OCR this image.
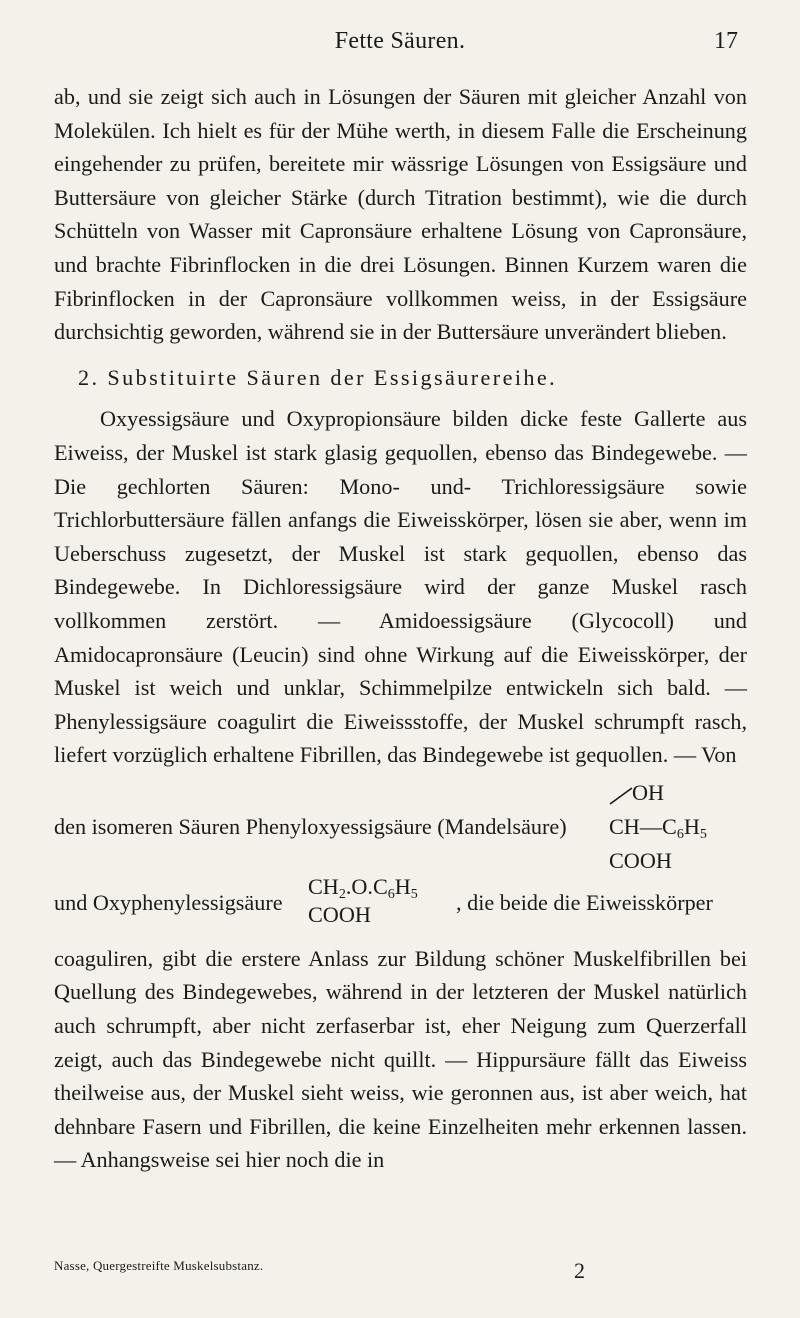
Fette Säuren.	17

ab, und sie zeigt sich auch in Lösungen der Säuren mit gleicher Anzahl von Molekülen. Ich hielt es für der Mühe werth, in diesem Falle die Erscheinung eingehender zu prüfen, bereitete mir wässrige Lösungen von Essigsäure und Buttersäure von gleicher Stärke (durch Titration bestimmt), wie die durch Schütteln von Wasser mit Capronsäure erhaltene Lösung von Capronsäure, und brachte Fibrinflocken in die drei Lösungen. Binnen Kurzem waren die Fibrinflocken in der Capronsäure vollkommen weiss, in der Essigsäure durchsichtig geworden, während sie in der Buttersäure unverändert blieben.

2. Substituirte Säuren der Essigsäurereihe.

Oxyessigsäure und Oxypropionsäure bilden dicke feste Gallerte aus Eiweiss, der Muskel ist stark glasig gequollen, ebenso das Bindegewebe. — Die gechlorten Säuren: Mono- und- Trichloressigsäure sowie Trichlorbuttersäure fällen anfangs die Eiweisskörper, lösen sie aber, wenn im Ueberschuss zugesetzt, der Muskel ist stark gequollen, ebenso das Bindegewebe. In Dichloressigsäure wird der ganze Muskel rasch vollkommen zerstört. — Amidoessigsäure (Glycocoll) und Amidocapronsäure (Leucin) sind ohne Wirkung auf die Eiweisskörper, der Muskel ist weich und unklar, Schimmelpilze entwickeln sich bald. — Phenylessigsäure coagulirt die Eiweissstoffe, der Muskel schrumpft rasch, liefert vorzüglich erhaltene Fibrillen, das Bindegewebe ist gequollen. — Von

den isomeren Säuren Phenyloxyessigsäure (Mandelsäure)
OH
$CH—C_6H_5$
COOH
und Oxyphenylessigsäure
$CH_2.O.C_6H_5$
COOH	, die beide die Eiweisskörper

coaguliren, gibt die erstere Anlass zur Bildung schöner Muskelfibrillen bei Quellung des Bindegewebes, während in der letzteren der Muskel natürlich auch schrumpft, aber nicht zerfaserbar ist, eher Neigung zum Querzerfall zeigt, auch das Bindegewebe nicht quillt. — Hippursäure fällt das Eiweiss theilweise aus, der Muskel sieht weiss, wie geronnen aus, ist aber weich, hat dehnbare Fasern und Fibrillen, die keine Einzelheiten mehr erkennen lassen. — Anhangsweise sei hier noch die in

Nasse, Quergestreifte Muskelsubstanz.	2
